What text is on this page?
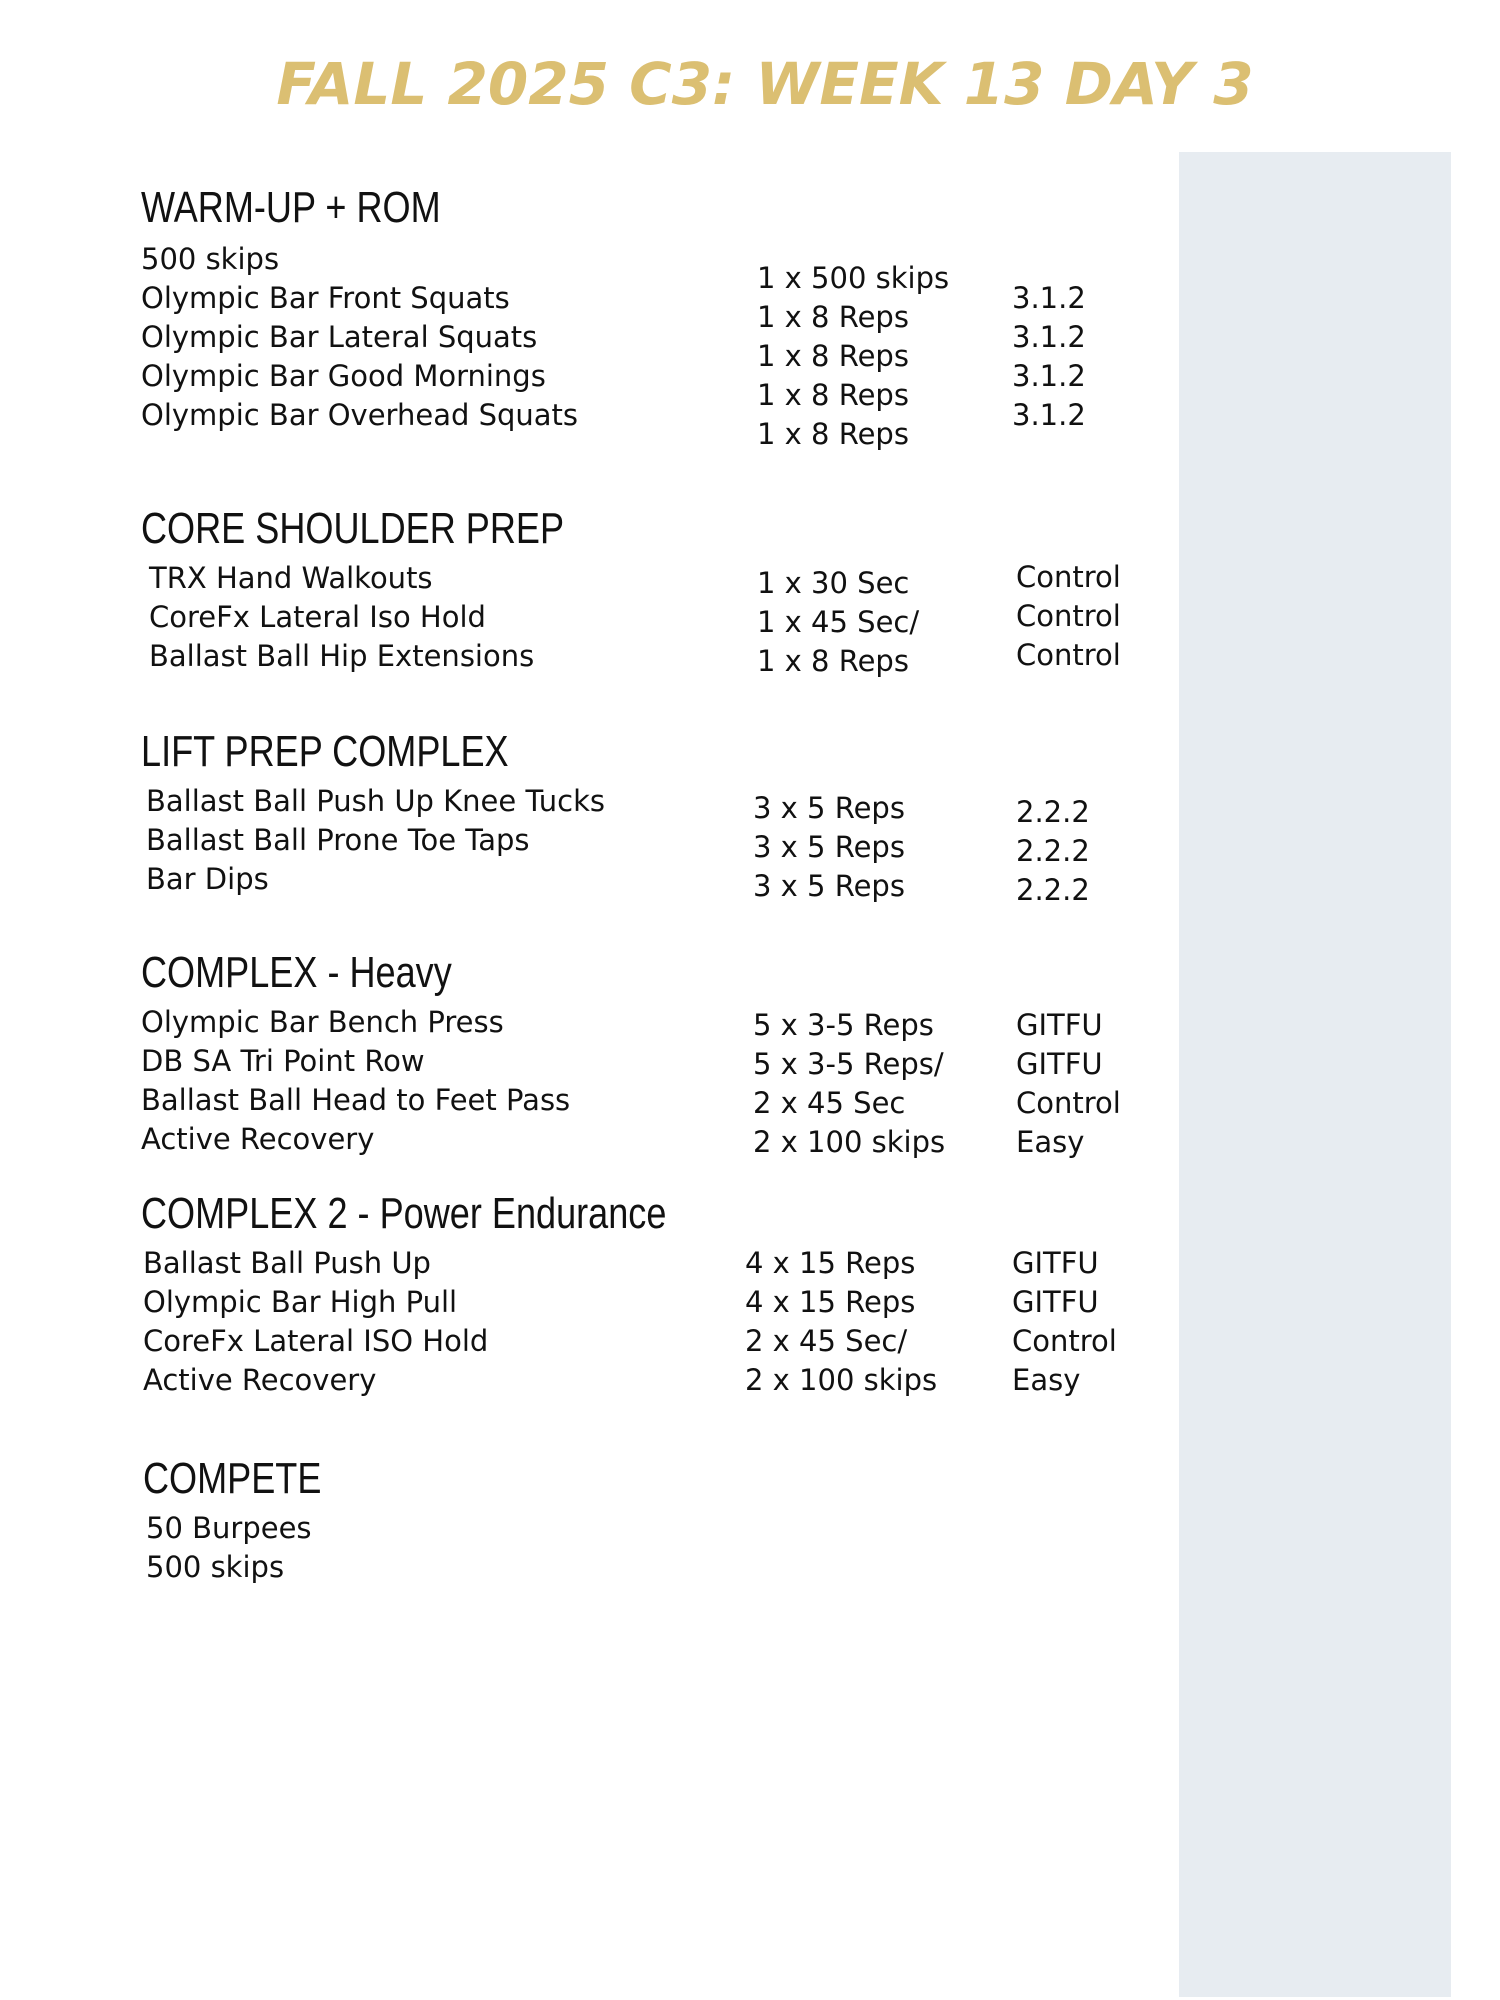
FALL 2025 C3: WEEK 13 DAY 3
WARM-UP + ROM
500 skips
Olympic Bar Front Squats
Olympic Bar Lateral Squats
Olympic Bar Good Mornings
Olympic Bar Overhead Squats
1 x 500 skips
1 x 8 Reps
1 x 8 Reps
1 x 8 Reps
1 x 8 Reps
3.1.2
3.1.2
3.1.2
3.1.2
CORE SHOULDER PREP
TRX Hand Walkouts
CoreFx Lateral Iso Hold
Ballast Ball Hip Extensions
1 x 30 Sec
1 x 45 Sec/
1 x 8 Reps
Control
Control
Control
LIFT PREP COMPLEX
Ballast Ball Push Up Knee Tucks
Ballast Ball Prone Toe Taps
Bar Dips
3 x 5 Reps
3 x 5 Reps
3 x 5 Reps
2.2.2
2.2.2
2.2.2
COMPLEX - Heavy
Olympic Bar Bench Press
DB SA Tri Point Row
Ballast Ball Head to Feet Pass
Active Recovery
5 x 3-5 Reps
5 x 3-5 Reps/
2 x 45 Sec
2 x 100 skips
GITFU
GITFU
Control
Easy
COMPLEX 2 - Power Endurance
Ballast Ball Push Up
Olympic Bar High Pull
CoreFx Lateral ISO Hold
Active Recovery
4 x 15 Reps
4 x 15 Reps
2 x 45 Sec/
2 x 100 skips
GITFU
GITFU
Control
Easy
COMPETE
50 Burpees
500 skips
